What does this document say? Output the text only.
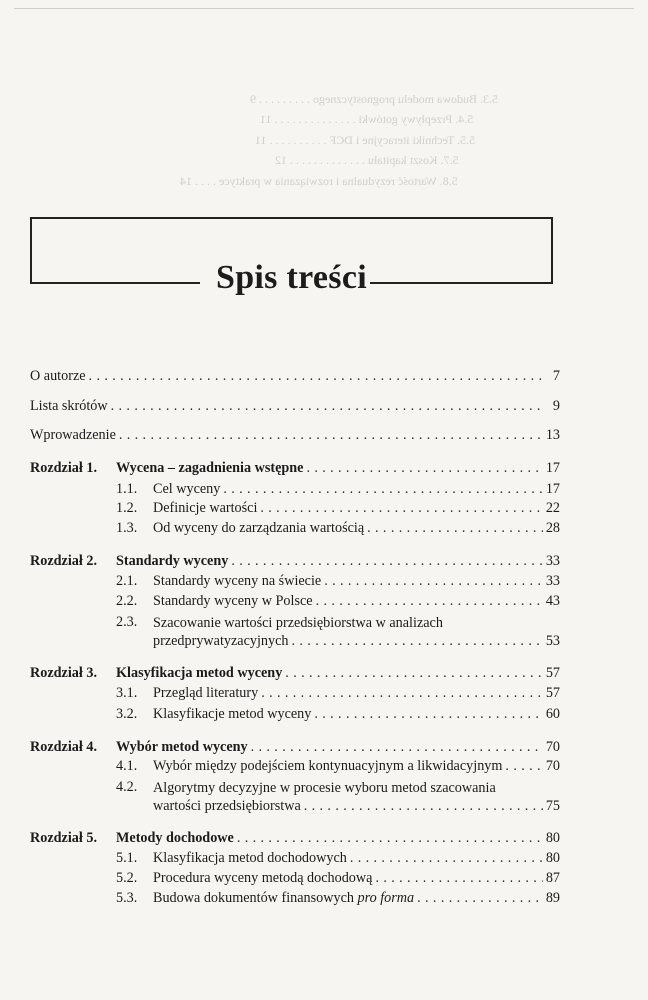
5.3. Budowa modelu prognostycznego . . . . . . . . . 9
5.4. Przepływy gotówki . . . . . . . . . . . . . . 11
5.5. Techniki iteracyjne i DCF . . . . . . . . . . 11
5.7. Koszt kapitału . . . . . . . . . . . . . 12
5.8. Wartość rezydualna i rozwiązania w praktyce . . . . 14
Spis treści
O autorze . . .	7
Lista skrótów . . .	9
Wprowadzenie . . .	13
Rozdział 1. Wycena – zagadnienia wstępne . . .	17
1.1. Cel wyceny . . .	17
1.2. Definicje wartości . . .	22
1.3. Od wyceny do zarządzania wartością . . .	28
Rozdział 2. Standardy wyceny . . .	33
2.1. Standardy wyceny na świecie . . .	33
2.2. Standardy wyceny w Polsce . . .	43
2.3. Szacowanie wartości przedsiębiorstwa w analizach
przedprywatyzacyjnych . . .	53
Rozdział 3. Klasyfikacja metod wyceny . . .	57
3.1. Przegląd literatury . . .	57
3.2. Klasyfikacje metod wyceny . . .	60
Rozdział 4. Wybór metod wyceny . . .	70
4.1. Wybór między podejściem kontynuacyjnym a likwidacyjnym . . .	70
4.2. Algorytmy decyzyjne w procesie wyboru metod szacowania
wartości przedsiębiorstwa . . .	75
Rozdział 5. Metody dochodowe . . .	80
5.1. Klasyfikacja metod dochodowych . . .	80
5.2. Procedura wyceny metodą dochodową . . .	87
5.3. Budowa dokumentów finansowych pro forma . . .	89
